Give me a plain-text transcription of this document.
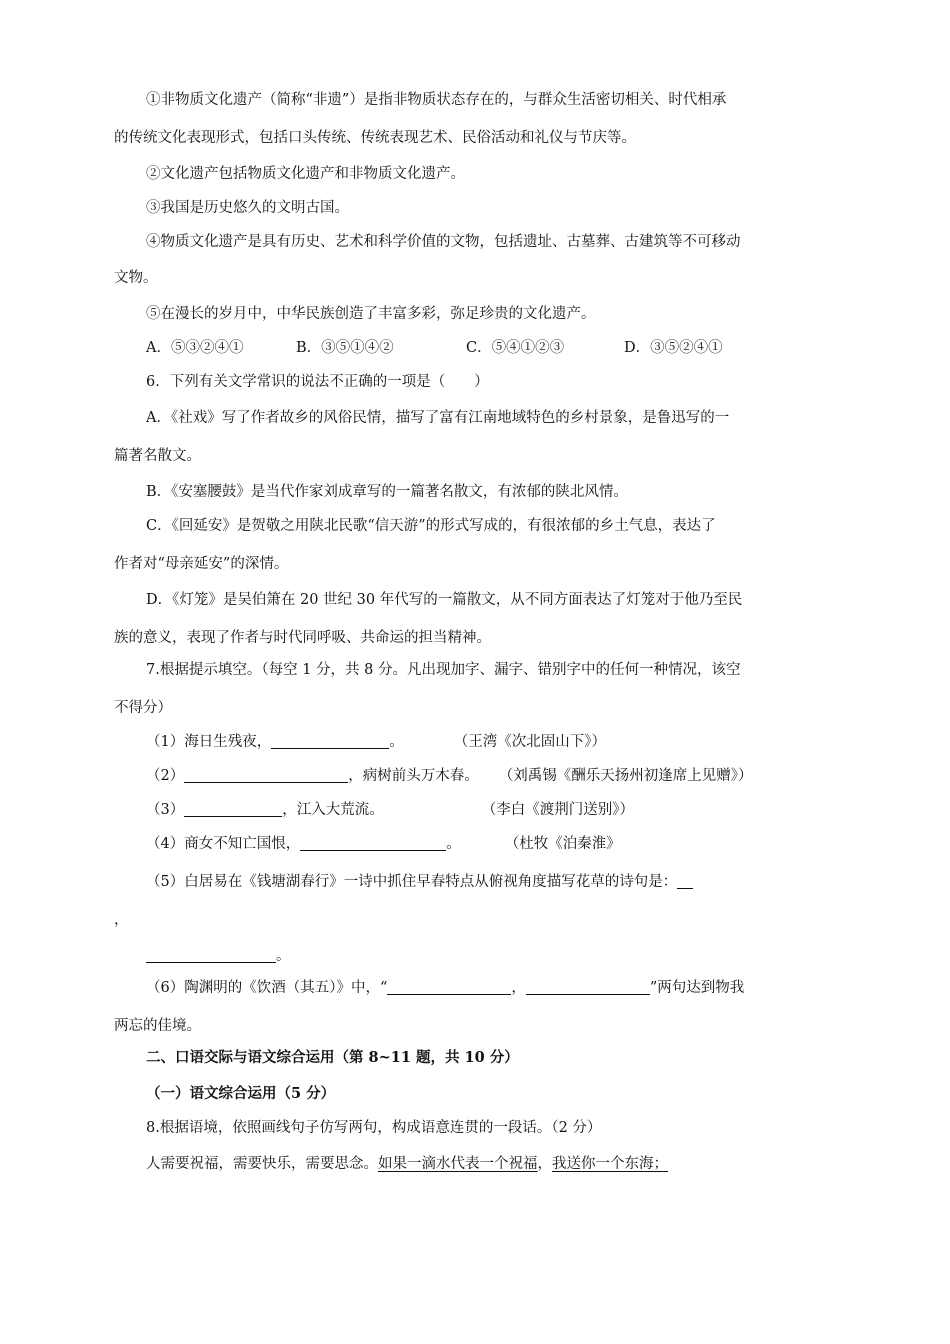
①非物质文化遗产（简称“非遗”）是指非物质状态存在的，与群众生活密切相关、时代相承
的传统文化表现形式，包括口头传统、传统表现艺术、民俗活动和礼仪与节庆等。
②文化遗产包括物质文化遗产和非物质文化遗产。
③我国是历史悠久的文明古国。
④物质文化遗产是具有历史、艺术和科学价值的文物，包括遗址、古墓葬、古建筑等不可移动
文物。
⑤在漫长的岁月中，中华民族创造了丰富多彩，弥足珍贵的文化遗产。
A．⑤③②④①	B．③⑤①④②	C．⑤④①②③	D．③⑤②④①
6．下列有关文学常识的说法不正确的一项是（　　）
A．《社戏》写了作者故乡的风俗民情，描写了富有江南地域特色的乡村景象，是鲁迅写的一
篇著名散文。
B．《安塞腰鼓》是当代作家刘成章写的一篇著名散文，有浓郁的陕北风情。
C．《回延安》是贺敬之用陕北民歌“信天游”的形式写成的，有很浓郁的乡土气息，表达了
作者对“母亲延安”的深情。
D．《灯笼》是吴伯箫在 20 世纪 30 年代写的一篇散文，从不同方面表达了灯笼对于他乃至民
族的意义，表现了作者与时代同呼吸、共命运的担当精神。
7.根据提示填空。（每空 1 分，共 8 分。凡出现加字、漏字、错别字中的任何一种情况，该空
不得分）
（1）海日生残夜，	。	（王湾《次北固山下》）
（2）	，病树前头万木春。 （刘禹锡《酬乐天扬州初逢席上见赠》）
（3）	，江入大荒流。	（李白《渡荆门送别》）
（4）商女不知亡国恨，	。	（杜牧《泊秦淮》
（5）白居易在《钱塘湖春行》一诗中抓住早春特点从俯视角度描写花草的诗句是：
，
。
（6）陶渊明的《饮酒（其五）》中，“	，	”两句达到物我
两忘的佳境。
二、口语交际与语文综合运用（第 8~11 题，共 10 分）
（一）语文综合运用（5 分）
8.根据语境，依照画线句子仿写两句，构成语意连贯的一段话。（2 分）
人需要祝福，需要快乐，需要思念。如果一滴水代表一个祝福，我送你一个东海；
